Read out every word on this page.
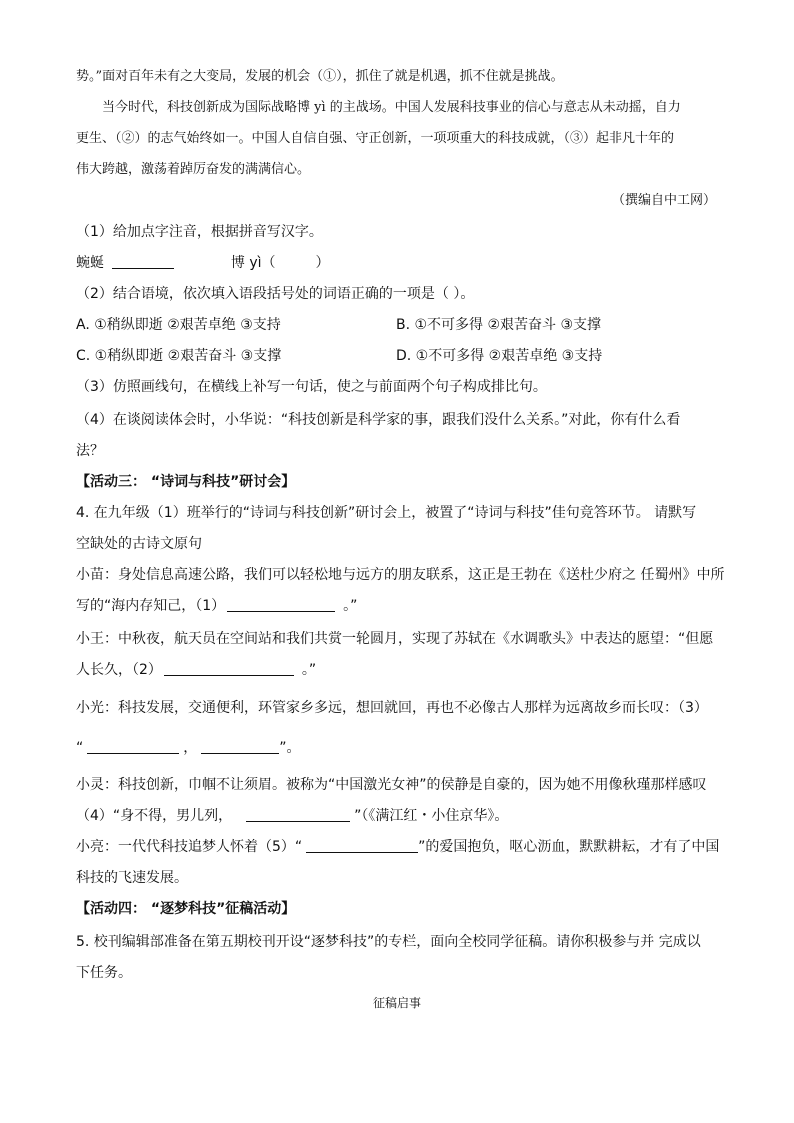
势。”面对百年未有之大变局，发展的机会（①），抓住了就是机遇，抓不住就是挑战。
当今时代，科技创新成为国际战略博 yì 的主战场。中国人发展科技事业的信心与意志从未动摇，自力
更生、（②）的志气始终如一。中国人自信自强、守正创新，一项项重大的科技成就，（③）起非凡十年的
伟大跨越，激荡着踔厉奋发的满满信心。
（撰编自中工网）
（1）给加点字注音，根据拼音写汉字。
蜿蜒	博 yì（	）
（2）结合语境，依次填入语段括号处的词语正确的一项是（ ）。
A. ①稍纵即逝 ②艰苦卓绝 ③支持	B. ①不可多得 ②艰苦奋斗 ③支撑
C. ①稍纵即逝 ②艰苦奋斗 ③支撑	D. ①不可多得 ②艰苦卓绝 ③支持
（3）仿照画线句，在横线上补写一句话，使之与前面两个句子构成排比句。
（4）在谈阅读体会时，小华说：“科技创新是科学家的事，跟我们没什么关系。”对此，你有什么看
法？
【活动三： “诗词与科技”研讨会】
4. 在九年级（1）班举行的“诗词与科技创新”研讨会上，被置了“诗词与科技”佳句竞答环节。 请默写
空缺处的古诗文原句
小苗：身处信息高速公路，我们可以轻松地与远方的朋友联系，这正是王勃在《送杜少府之 任蜀州》中所
写的“海内存知己，（1）	。”
小王：中秋夜，航天员在空间站和我们共赏一轮圆月，实现了苏轼在《水调歌头》中表达的愿望：“但愿
人长久，（2）	。”
小光：科技发展，交通便利，环管家乡多远，想回就回，再也不必像古人那样为远离故乡而长叹：（3）
“	，	”。
小灵：科技创新，巾帼不让须眉。被称为“中国激光女神”的侯静是自豪的，因为她不用像秋瑾那样感叹
（4）“身不得，男儿列，	”（《满江红・小住京华》。
小亮：一代代科技追梦人怀着（5）“	”的爱国抱负，呕心沥血，默默耕耘，才有了中国
科技的飞速发展。
【活动四： “逐梦科技”征稿活动】
5. 校刊编辑部准备在第五期校刊开设“逐梦科技”的专栏，面向全校同学征稿。请你积极参与并 完成以
下任务。
征稿启事
